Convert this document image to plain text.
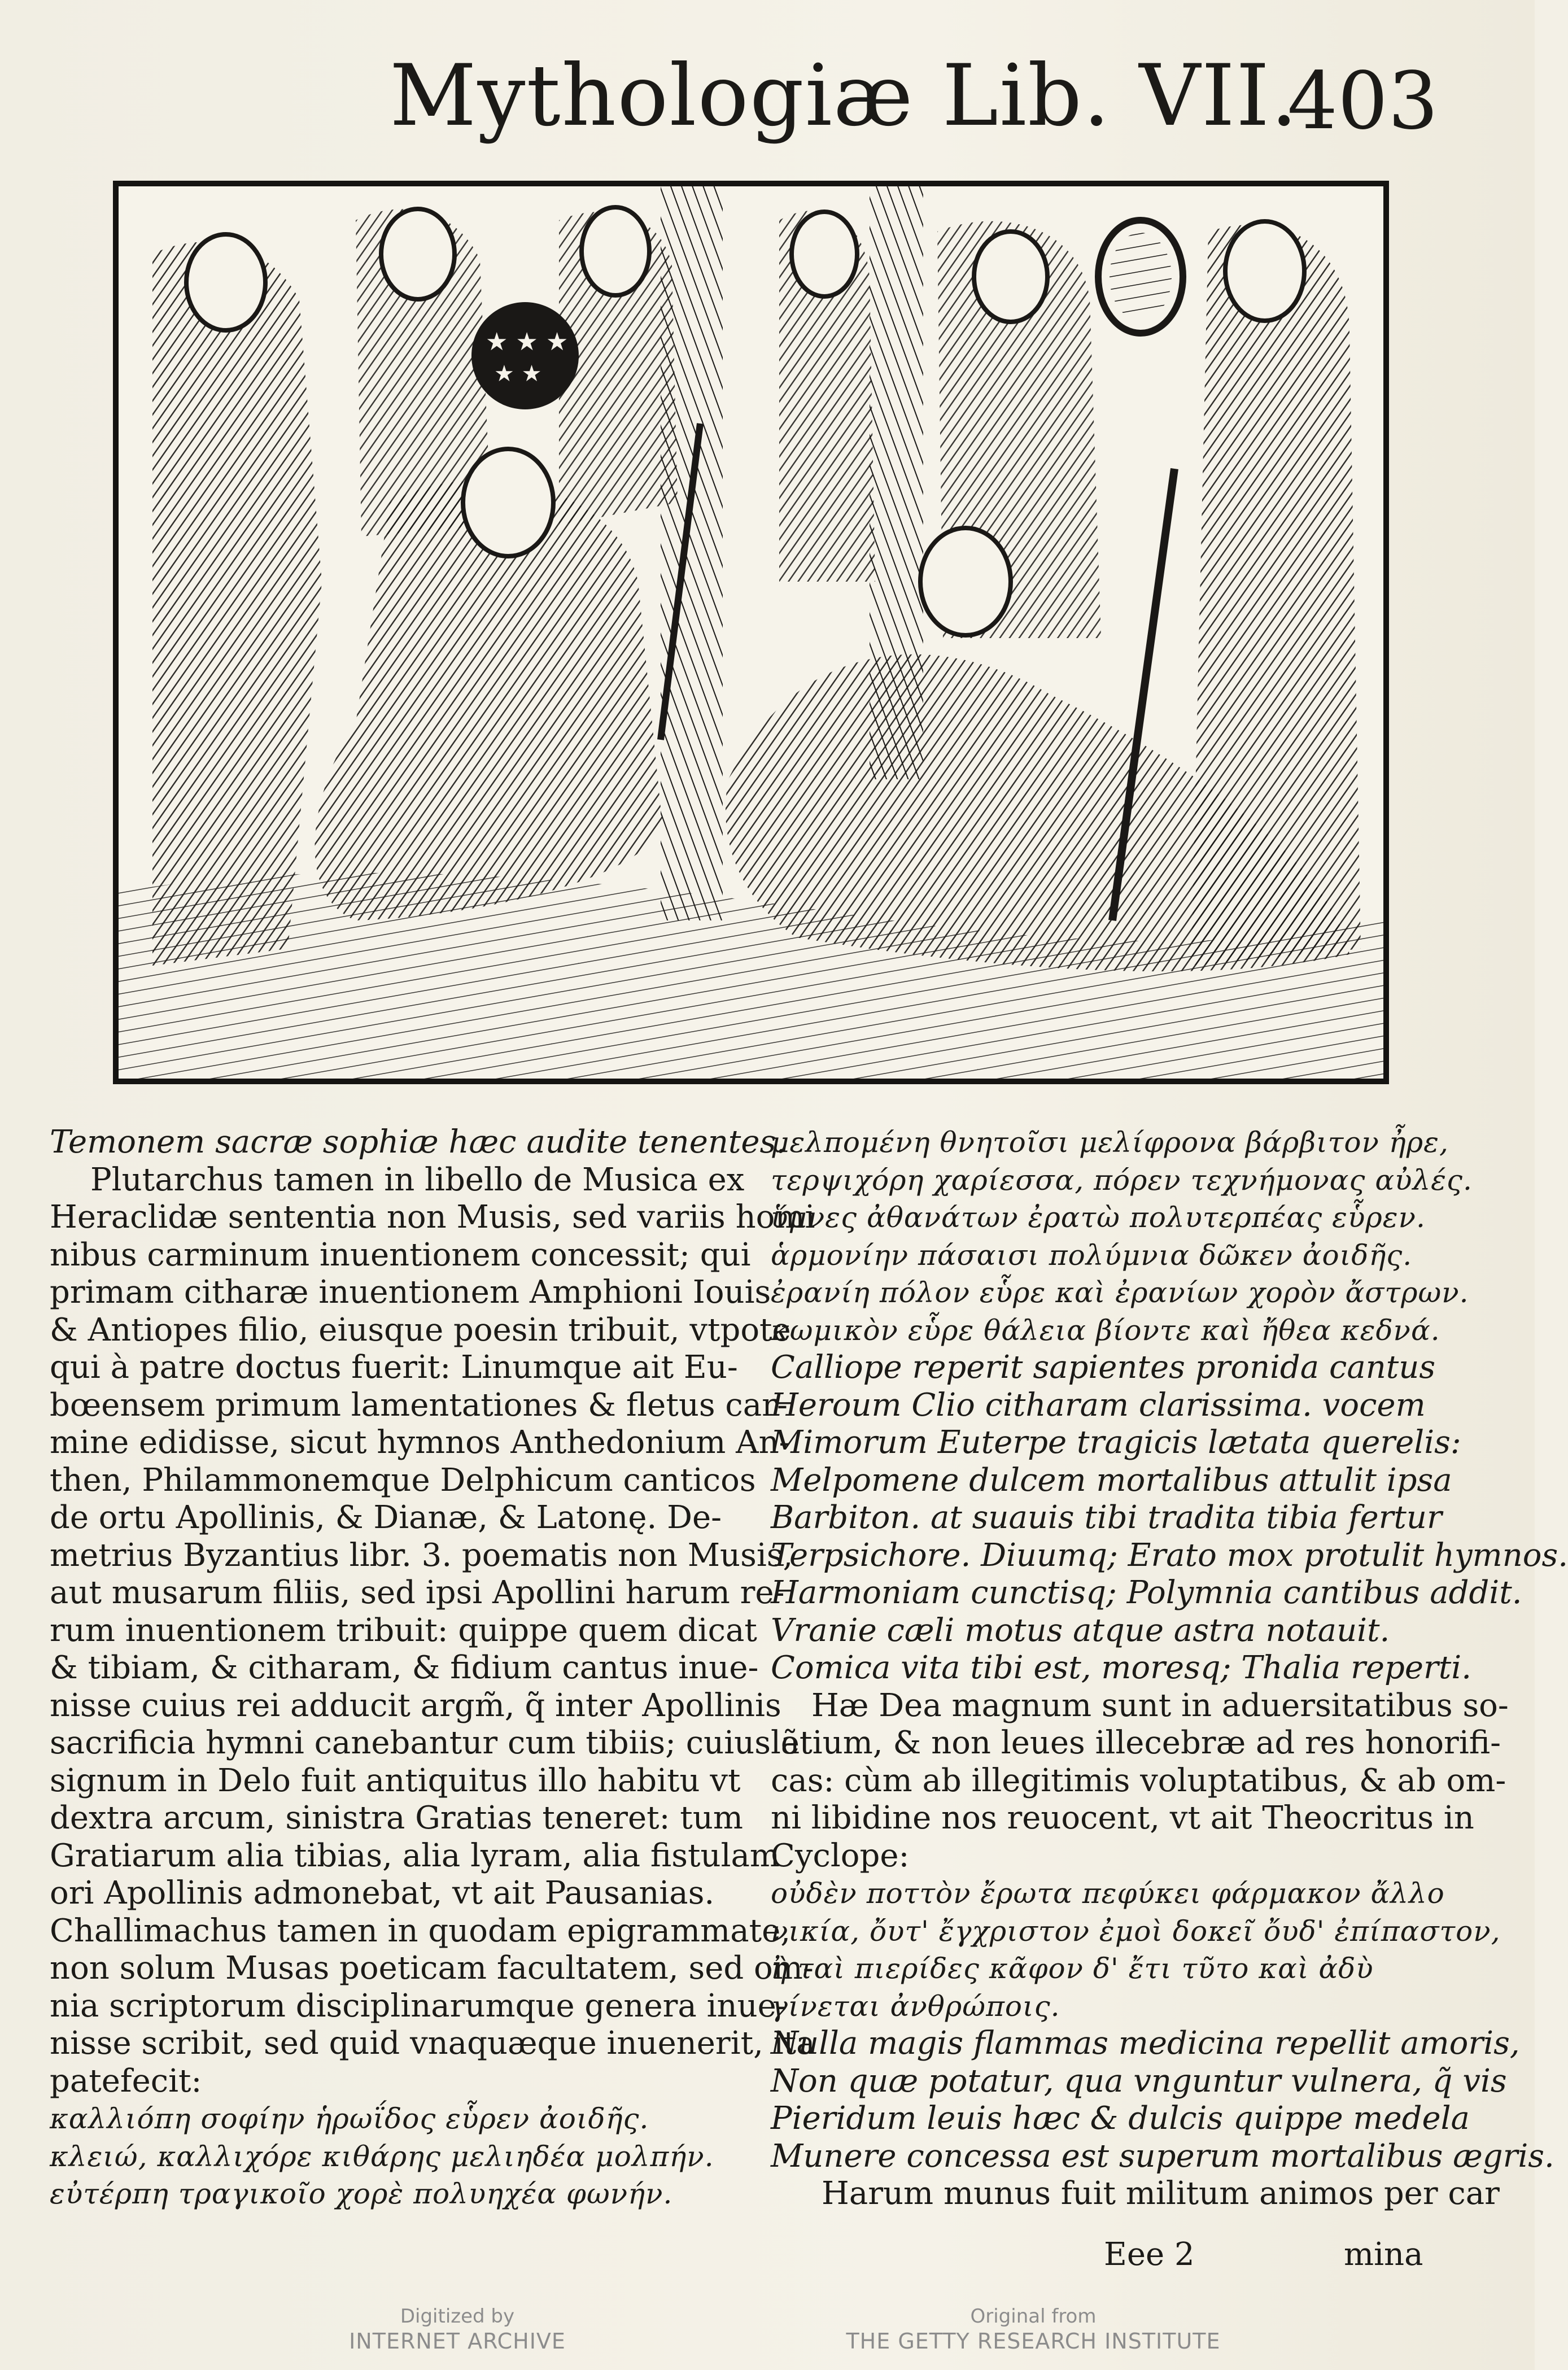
Mythologiæ Lib. VII.
403
★ ★ ★
★ ★
Temonem sacræ sophiæ hæc audite tenentes.
Plutarchus tamen in libello de Musica ex
Heraclidæ sententia non Musis, sed variis homi
nibus carminum inuentionem concessit; qui
primam citharæ inuentionem Amphioni Iouis
& Antiopes filio, eiusque poesin tribuit, vtpote
qui à patre doctus fuerit: Linumque ait Eu-
bœensem primum lamentationes & fletus car-
mine edidisse, sicut hymnos Anthedonium An-
then, Philammonemque Delphicum canticos
de ortu Apollinis, & Dianæ, & Latonę. De-
metrius Byzantius libr. 3. poematis non Musis,
aut musarum filiis, sed ipsi Apollini harum re-
rum inuentionem tribuit: quippe quem dicat
& tibiam, & citharam, & fidium cantus inue-
nisse cuius rei adducit argm̃, q̃ inter Apollinis
sacrificia hymni canebantur cum tibiis; cuius ẽt
signum in Delo fuit antiquitus illo habitu vt
dextra arcum, sinistra Gratias teneret: tum
Gratiarum alia tibias, alia lyram, alia fistulam
ori Apollinis admonebat, vt ait Pausanias.
Challimachus tamen in quodam epigrammate,
non solum Musas poeticam facultatem, sed om-
nia scriptorum disciplinarumque genera inue-
nisse scribit, sed quid vnaquæque inuenerit, ita
patefecit:
καλλιόπη σοφίην ἡρωΐδος εὗρεν ἀοιδῆς.
κλειώ, καλλιχόρε κιθάρης μελιηδέα μολπήν.
εὐτέρπη τραγικοῖο χορὲ πολυηχέα φωνήν.
μελπομένη θνητοῖσι μελίφρονα βάρβιτον ἦρε,
τερψιχόρη χαρίεσσα, πόρεν τεχνήμονας αὐλές.
ὕμνες ἀθανάτων ἐρατὼ πολυτερπέας εὗρεν.
ἁρμονίην πάσαισι πολύμνια δῶκεν ἀοιδῆς.
ἐρανίη πόλον εὗρε καὶ ἐρανίων χορὸν ἄστρων.
κωμικὸν εὗρε θάλεια βίοντε καὶ ἤθεα κεδνά.
Calliope reperit sapientes pronida cantus
Heroum Clio citharam clarissima. vocem
Mimorum Euterpe tragicis lætata querelis:
Melpomene dulcem mortalibus attulit ipsa
Barbiton. at suauis tibi tradita tibia fertur
Terpsichore. Diuumq; Erato mox protulit hymnos.
Harmoniam cunctisq; Polymnia cantibus addit.
Vranie cæli motus atque astra notauit.
Comica vita tibi est, moresq; Thalia reperti.
Hæ Dea magnum sunt in aduersitatibus so-
latium, & non leues illecebræ ad res honorifi-
cas: cùm ab illegitimis voluptatibus, & ab om-
ni libidine nos reuocent, vt ait Theocritus in
Cyclope:
οὐδὲν ποττὸν ἔρωτα πεφύκει φάρμακον ἄλλο
νικία, ὄυτ' ἔγχριστον ἐμοὶ δοκεῖ ὄυδ' ἐπίπαστον,
ἢ ταὶ πιερίδες κᾶφον δ' ἔτι τῦτο καὶ ἀδὺ
γίνεται ἀνθρώποις.
Nulla magis flammas medicina repellit amoris,
Non quæ potatur, qua vnguntur vulnera, q̃ vis
Pieridum leuis hæc & dulcis quippe medela
Munere concessa est superum mortalibus ægris.
Harum munus fuit militum animos per car
Eee 2	mina
Digitized by
INTERNET ARCHIVE
Original from
THE GETTY RESEARCH INSTITUTE
